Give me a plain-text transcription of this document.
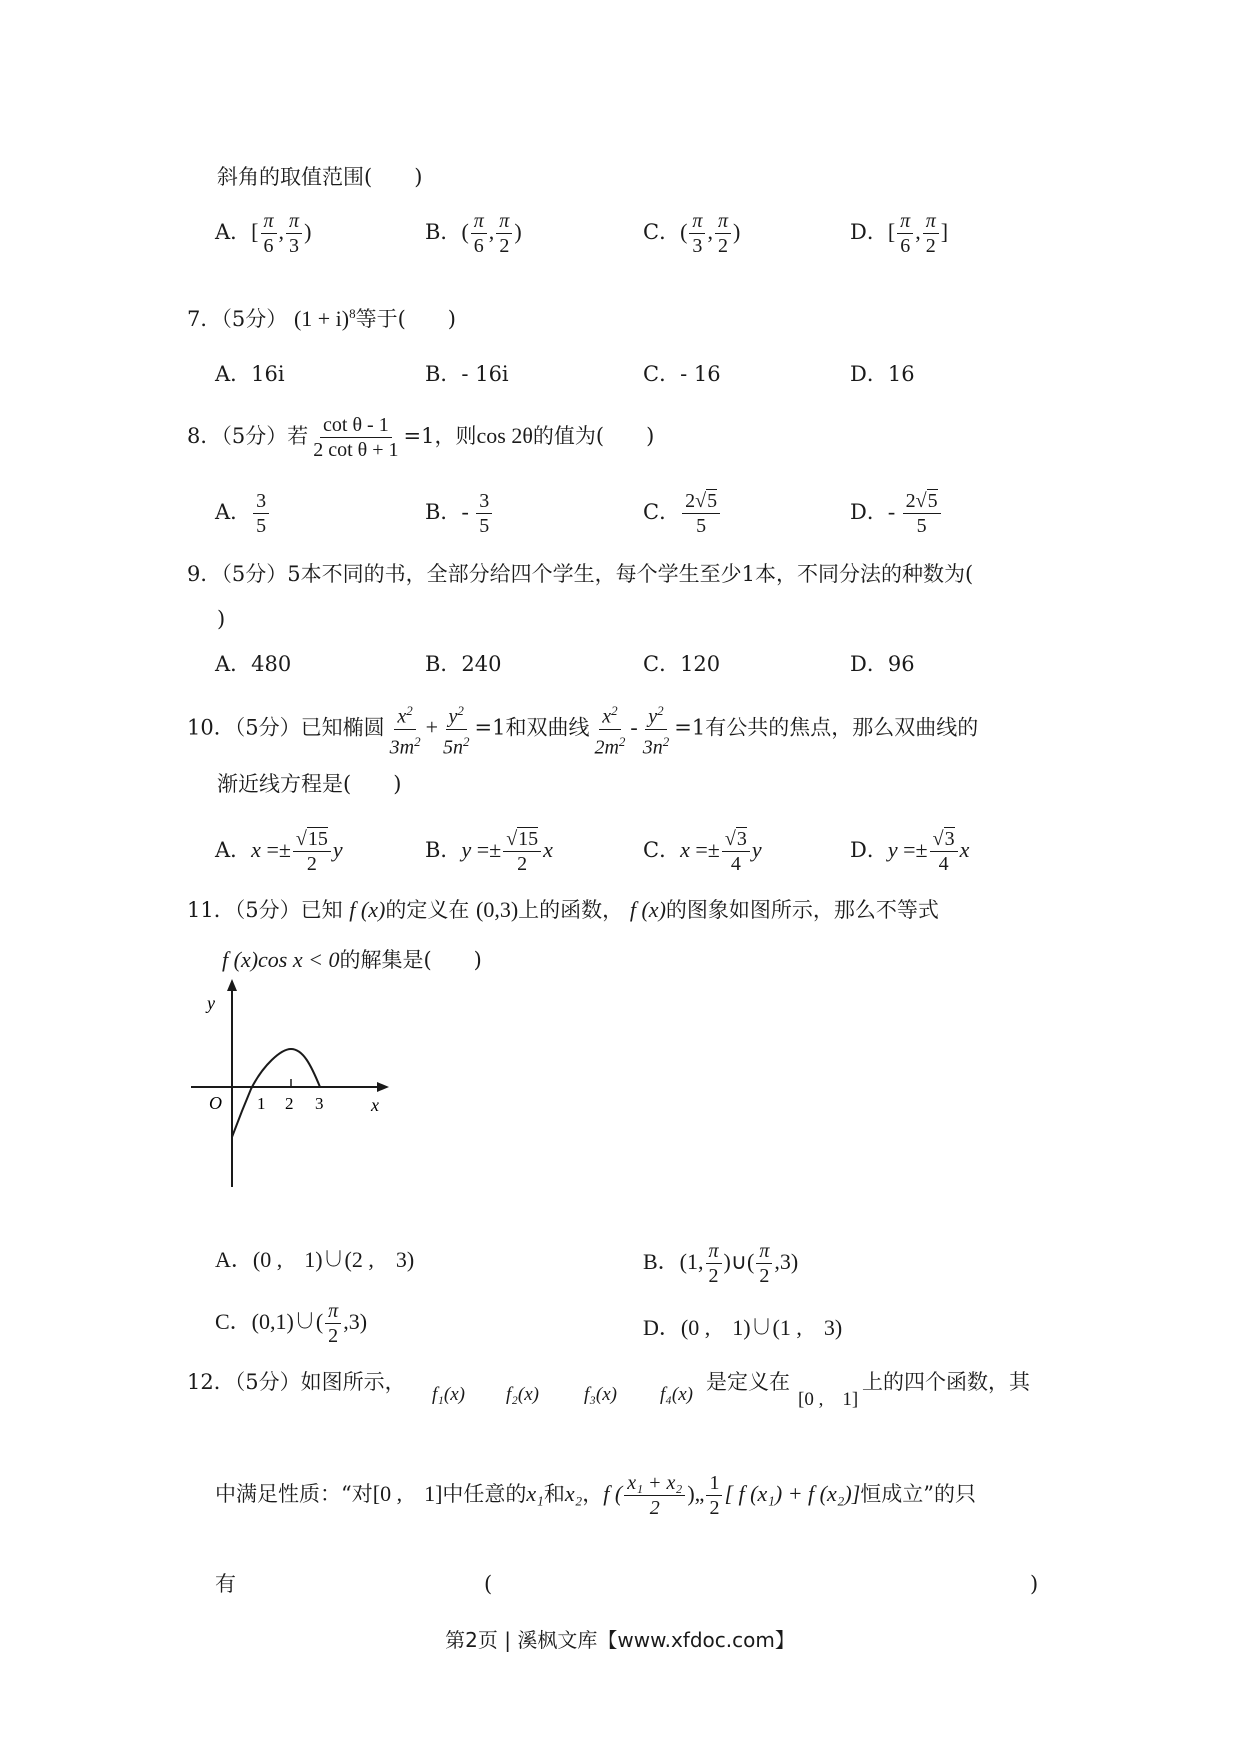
斜角的取值范围(　　)
A．[ $\frac{\pi}{6}$ , $\frac{\pi}{3}$ )	B．( $\frac{\pi}{6}$ , $\frac{\pi}{2}$ )	C．( $\frac{\pi}{3}$ , $\frac{\pi}{2}$ )	D．[ $\frac{\pi}{6}$ , $\frac{\pi}{2}$ ]
7．（5分） $(1 + i)^8$等于(　　)
A．16i	B．- 16i	C．- 16	D．16
8．（5分）若 $\frac{\text{cot θ - 1}}{\text{2 cot θ + 1}} =1$，则cos 2θ的值为(　　)
A． $\frac{3}{5}$	B．- $\frac{3}{5}$	C． $\frac{2√5}{5}$	D．- $\frac{2√5}{5}$
9．（5分）5本不同的书，全部分给四个学生，每个学生至少1本，不同分法的种数为(
)
A．480	B．240	C．120	D．96
10．（5分）已知椭圆 $\frac{x^2}{3m^2} + \frac{y^2}{5n^2} =1$和双曲线 $\frac{x^2}{2m^2} - \frac{y^2}{3n^2} =1$有公共的焦点，那么双曲线的
渐近线方程是(　　)
A．$x =\pm \frac{√15}{2}$ y	B．$y =\pm \frac{√15}{2}$ x	C．$x =\pm \frac{√3}{4}$ y	D．$y =\pm \frac{√3}{4}$ x
11．（5分）已知 f (x)的定义在 (0,3)上的函数， f (x)的图象如图所示，那么不等式
f (x)cos x < 0的解集是(　　)
y
x
O 1 2 3
A．(0 ,　1)∪(2 ,　3)	B．(1, $\frac{\pi}{2}$ )∪( $\frac{\pi}{2} ,3$)
C．(0,1)∪( $\frac{\pi}{2} ,3$)	D．(0 ,　1)∪(1 ,　3)
12．（5分）如图所示，
f₁(x) f₂(x) f₃(x) f₄(x)
是定义在
[0 ,　1]
上的四个函数，其
中满足性质：“对[0 ,　1]中任意的x₁和x₂，f ( $\frac{\text{x₁ + x₂}}{2}$ )„ $\frac{1}{2}$ [ f (x₁) + f (x₂)]恒成立”的只
有	(	)
第2页 | 溪枫文库【www.xfdoc.com】
